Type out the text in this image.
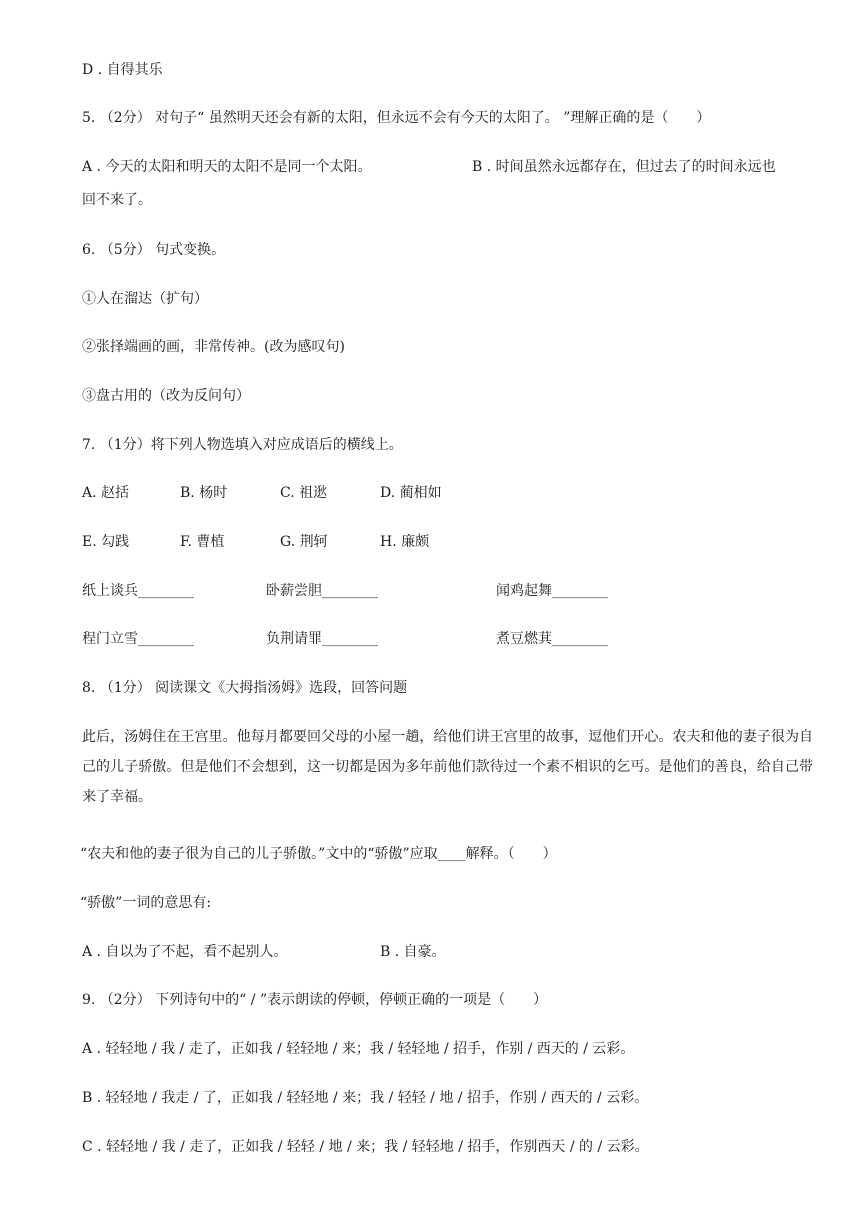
D . 自得其乐
5. （2分） 对句子“ 虽然明天还会有新的太阳，但永远不会有今天的太阳了。 ”理解正确的是（　　）
A . 今天的太阳和明天的太阳不是同一个太阳。	B . 时间虽然永远都存在，但过去了的时间永远也
回不来了。
6. （5分） 句式变换。
①人在溜达（扩句）
②张择端画的画，非常传神。(改为感叹句)
③盘古用的（改为反问句）
7. （1分）将下列人物选填入对应成语后的横线上。
A. 赵括	B. 杨时	C. 祖逖	D. 蔺相如
E. 勾践	F. 曹植	G. 荆轲	H. 廉颇
纸上谈兵________	卧薪尝胆________	闻鸡起舞________
程门立雪________	负荆请罪________	煮豆燃萁________
8. （1分） 阅读课文《大拇指汤姆》选段，回答问题
此后，汤姆住在王宫里。他每月都要回父母的小屋一趟，给他们讲王宫里的故事，逗他们开心。农夫和他的妻子很为自己的儿子骄傲。但是他们不会想到，这一切都是因为多年前他们款待过一个素不相识的乞丐。是他们的善良，给自己带来了幸福。
“农夫和他的妻子很为自己的儿子骄傲。”文中的“骄傲”应取____解释。（　　）
“骄傲”一词的意思有:
A . 自以为了不起，看不起别人。	B . 自豪。
9. （2分） 下列诗句中的“ / ”表示朗读的停顿，停顿正确的一项是（　　）
A . 轻轻地 / 我 / 走了，正如我 / 轻轻地 / 来；我 / 轻轻地 / 招手，作别 / 西天的 / 云彩。
B . 轻轻地 / 我走 / 了，正如我 / 轻轻地 / 来；我 / 轻轻 / 地 / 招手，作别 / 西天的 / 云彩。
C . 轻轻地 / 我 / 走了，正如我 / 轻轻 / 地 / 来；我 / 轻轻地 / 招手，作别西天 / 的 / 云彩。
